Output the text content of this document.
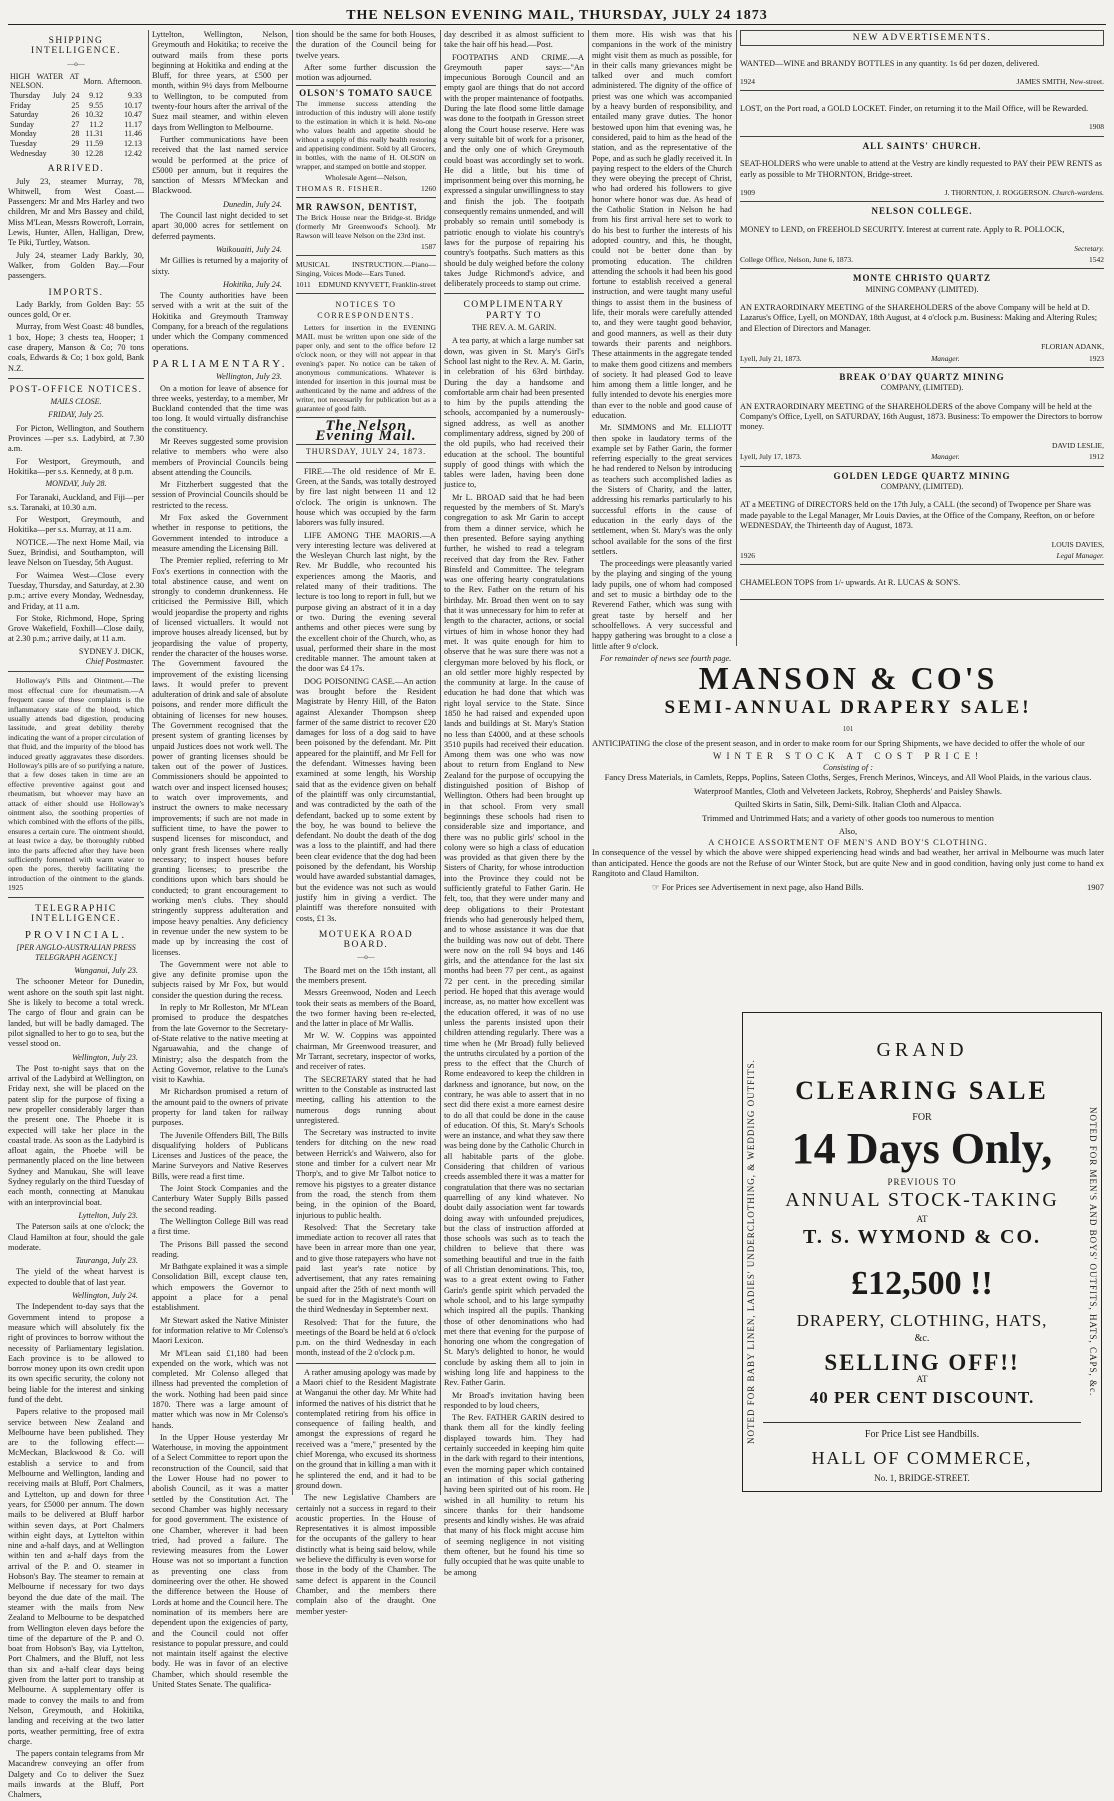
THE NELSON EVENING MAIL, THURSDAY, JULY 24 1873
SHIPPING INTELLIGENCE.
—o—
HIGH WATER AT NELSON.			Morn.	Afternoon.
Thursday	July	24	9.12	9.33
Friday		25	9.55	10.17
Saturday		26	10.32	10.47
Sunday		27	11.2	11.17
Monday		28	11.31	11.46
Tuesday		29	11.59	12.13
Wednesday		30	12.28	12.42
ARRIVED.

July 23, steamer Murray, 78, Whitwell, from West Coast.—Passengers: Mr and Mrs Harley and two children, Mr and Mrs Bassey and child, Miss M'Lean, Messrs Rowcroft, Lorrain, Lewis, Hunter, Allen, Halligan, Drew, Te Piki, Turtley, Watson.

July 24, steamer Lady Barkly, 30, Walker, from Golden Bay.—Four passengers.

IMPORTS.

Lady Barkly, from Golden Bay: 55 ounces gold, Or er.

Murray, from West Coast: 48 bundles, 1 box, Hope; 3 chests tea, Hooper; 1 case drapery, Manson & Co; 70 tons coals, Edwards & Co; 1 box gold, Bank N.Z.

POST-OFFICE NOTICES.
MAILS CLOSE.
FRIDAY, July 25.

For Picton, Wellington, and Southern Provinces —per s.s. Ladybird, at 7.30 a.m.

For Westport, Greymouth, and Hokitika—per s.s. Kennedy, at 8 p.m.

MONDAY, July 28.

For Taranaki, Auckland, and Fiji—per s.s. Taranaki, at 10.30 a.m.

For Westport, Greymouth, and Hokitika—per s.s. Murray, at 11 a.m.

NOTICE.—The next Home Mail, via Suez, Brindisi, and Southampton, will leave Nelson on Tuesday, 5th August.

For Waimea West—Close every Tuesday, Thursday, and Saturday, at 2.30 p.m.; arrive every Monday, Wednesday, and Friday, at 11 a.m.

For Stoke, Richmond, Hope, Spring Grove Wakefield, Foxhill—Close daily, at 2.30 p.m.; arrive daily, at 11 a.m.

SYDNEY J. DICK,
Chief Postmaster.

Holloway's Pills and Ointment.—The most effectual cure for rheumatism.—A frequent cause of these complaints is the inflammatory state of the blood, which usually attends bad digestion, producing lassitude, and great debility thereby indicating the want of a proper circulation of that fluid, and the impurity of the blood has induced greatly aggravates these disorders. Holloway's pills are of so purifying a nature, that a few doses taken in time are an effective preventive against gout and rheumatism, but whoever may have an attack of either should use Holloway's ointment also, the soothing properties of which combined with the efforts of the pills, ensures a certain cure. The ointment should, at least twice a day, be thoroughly rubbed into the parts affected after they have been sufficiently fomented with warm water to open the pores, thereby facilitating the introduction of the ointment to the glands. 1925

TELEGRAPHIC INTELLIGENCE.
PROVINCIAL.
[PER ANGLO-AUSTRALIAN PRESS TELEGRAPH AGENCY.]
Wanganui, July 23.

The schooner Meteor for Dunedin, went ashore on the south spit last night. She is likely to become a total wreck. The cargo of flour and grain can be landed, but will be badly damaged. The pilot signalled to her to go to sea, but the vessel stood on.

Wellington, July 23.

The Post to-night says that on the arrival of the Ladybird at Wellington, on Friday next, she will be placed on the patent slip for the purpose of fixing a new propeller considerably larger than the present one. The Phoebe it is expected will take her place in the coastal trade. As soon as the Ladybird is afloat again, the Phoebe will be permanently placed on the line between Sydney and Manukau, She will leave Sydney regularly on the third Tuesday of each month, connecting at Manukau with an interprovincial boat.

Lyttelton, July 23.

The Paterson sails at one o'clock; the Claud Hamilton at four, should the gale moderate.

Tauranga, July 23.

The yield of the wheat harvest is expected to double that of last year.

Wellington, July 24.

The Independent to-day says that the Government intend to propose a measure which will absolutely fix the right of provinces to borrow without the necessity of Parliamentary legislation. Each province is to be allowed to borrow money upon its own credit upon its own specific security, the colony not being liable for the interest and sinking fund of the debt.

Papers relative to the proposed mail service between New Zealand and Melbourne have been published. They are to the following effect:—McMeckan, Blackwood & Co. will establish a service to and from Melbourne and Wellington, landing and receiving mails at Bluff, Port Chalmers, and Lyttelton, up and down for three years, for £5000 per annum. The down mails to be delivered at Bluff harbor within seven days, at Port Chalmers within eight days, at Lyttelton within nine and a-half days, and at Wellington within ten and a-half days from the arrival of the P. and O. steamer in Hobson's Bay. The steamer to remain at Melbourne if necessary for two days beyond the due date of the mail. The steamer with the mails from New Zealand to Melbourne to be despatched from Wellington eleven days before the time of the departure of the P. and O. boat from Hobson's Bay, via Lyttelton, Port Chalmers, and the Bluff, not less than six and a-half clear days being given from the latter port to tranship at Melbourne. A supplementary offer is made to convey the mails to and from Nelson, Greymouth, and Hokitika, landing and receiving at the two latter ports, weather permitting, free of extra charge.

The papers contain telegrams from Mr Macandrew conveying an offer from Dalgety and Co to deliver the Suez mails inwards at the Bluff, Port Chalmers,

Lyttelton, Wellington, Nelson, Greymouth and Hokitika; to receive the outward mails from these ports beginning at Hokitika and ending at the Bluff, for three years, at £500 per month, within 9½ days from Melbourne to Wellington, to be computed from twenty-four hours after the arrival of the Suez mail steamer, and within eleven days from Wellington to Melbourne.

Further communications have been received that the last named service would be performed at the price of £5000 per annum, but it requires the sanction of Messrs M'Meckan and Blackwood.

Dunedin, July 24.

The Council last night decided to set apart 30,000 acres for settlement on deferred payments.

Waikouaiti, July 24.

Mr Gillies is returned by a majority of sixty.

Hokitika, July 24.

The County authorities have been served with a writ at the suit of the Hokitika and Greymouth Tramway Company, for a breach of the regulations under which the Company commenced operations.

PARLIAMENTARY.
Wellington, July 23.

On a motion for leave of absence for three weeks, yesterday, to a member, Mr Buckland contended that the time was too long. It would virtually disfranchise the constituency.

Mr Reeves suggested some provision relative to members who were also members of Provincial Councils being absent attending the Councils.

Mr Fitzherbert suggested that the session of Provincial Councils should be restricted to the recess.

Mr Fox asked the Government whether in response to petitions, the Government intended to introduce a measure amending the Licensing Bill.

The Premier replied, referring to Mr Fox's exertions in connection with the total abstinence cause, and went on strongly to condemn drunkenness. He criticised the Permissive Bill, which would jeopardise the property and rights of licensed victuallers. It would not improve houses already licensed, but by jeopardising the value of property, render the character of the houses worse. The Government favoured the improvement of the existing licensing laws. It would prefer to prevent adulteration of drink and sale of absolute poisons, and render more difficult the obtaining of licenses for new houses. The Government recognised that the present system of granting licenses by unpaid Justices does not work well. The power of granting licenses should be taken out of the power of Justices. Commissioners should be appointed to watch over and inspect licensed houses; to watch over improvements, and instruct the owners to make necessary improvements; if such are not made in sufficient time, to have the power to suspend licenses for misconduct, and only grant fresh licenses where really necessary; to inspect houses before granting licenses; to prescribe the conditions upon which bars should be conducted; to grant encouragement to working men's clubs. They should stringently suppress adulteration and impose heavy penalties. Any deficiency in revenue under the new system to be made up by increasing the cost of licenses.

The Government were not able to give any definite promise upon the subjects raised by Mr Fox, but would consider the question during the recess.

In reply to Mr Rolleston, Mr M'Lean promised to produce the despatches from the late Governor to the Secretary-of-State relative to the native meeting at Ngaruawahia, and the change of Ministry; also the despatch from the Acting Governor, relative to the Luna's visit to Kawhia.

Mr Richardson promised a return of the amount paid to the owners of private property for land taken for railway purposes.

The Juvenile Offenders Bill, The Bills disqualifying holders of Publicans Licenses and Justices of the peace, the Marine Surveyors and Native Reserves Bills, were read a first time.

The Joint Stock Companies and the Canterbury Water Supply Bills passed the second reading.

The Wellington College Bill was read a first time.

The Prisons Bill passed the second reading.

Mr Bathgate explained it was a simple Consolidation Bill, except clause ten, which empowers the Governor to appoint a place for a penal establishment.

Mr Stewart asked the Native Minister for information relative to Mr Colenso's Maori Lexicon.

Mr M'Lean said £1,180 had been expended on the work, which was not completed. Mr Colenso alleged that illness had prevented the completion of the work. Nothing had been paid since 1870. There was a large amount of matter which was now in Mr Colenso's hands.

In the Upper House yesterday Mr Waterhouse, in moving the appointment of a Select Committee to report upon the reconstruction of the Council, said that the Lower House had no power to abolish Council, as it was a matter settled by the Constitution Act. The second Chamber was highly necessary for good government. The existence of one Chamber, wherever it had been tried, had proved a failure. The reviewing measures from the Lower House was not so important a function as preventing one class from domineering over the other. He showed the difference between the House of Lords at home and the Council here. The nomination of its members here are dependent upon the exigencies of party, and the Council could not offer resistance to popular pressure, and could not maintain itself against the elective body. He was in favor of an elective Chamber, which should resemble the United States Senate. The qualifica-

tion should be the same for both Houses, the duration of the Council being for twelve years.

After some further discussion the motion was adjourned.

OLSON'S TOMATO SAUCE

The immense success attending the introduction of this industry will alone testify to the estimation in which it is held. No-one who values health and appetite should be without a supply of this really health restoring and appetising condiment. Sold by all Grocers, in bottles, with the name of H. OLSON on wrapper, and stamped on bottle and stopper.

Wholesale Agent—Nelson,
THOMAS R. FISHER.	1260
MR RAWSON, DENTIST,

The Brick House near the Bridge-st. Bridge (formerly Mr Greenwood's School). Mr Rawson will leave Nelson on the 23rd inst.

1587

MUSICAL INSTRUCTION.—Piano—Singing, Voices Mode—Ears Tuned.

1011 EDMUND KNYVETT, Franklin-street
NOTICES TO CORRESPONDENTS.

Letters for insertion in the EVENING MAIL must be written upon one side of the paper only, and sent to the office before 12 o'clock noon, or they will not appear in that evening's paper. No notice can be taken of anonymous communications. Whatever is intended for insertion in this journal must be authenticated by the name and address of the writer, not necessarily for publication but as a guarantee of good faith.

The Nelson Evening Mail.
THURSDAY, JULY 24, 1873.

FIRE.—The old residence of Mr E. Green, at the Sands, was totally destroyed by fire last night between 11 and 12 o'clock. The origin is unknown. The house which was occupied by the farm laborers was fully insured.

LIFE AMONG THE MAORIS.—A very interesting lecture was delivered at the Wesleyan Church last night, by the Rev. Mr Buddle, who recounted his experiences among the Maoris, and related many of their traditions. The lecture is too long to report in full, but we purpose giving an abstract of it in a day or two. During the evening several anthems and other pieces were sung by the excellent choir of the Church, who, as usual, performed their share in the most creditable manner. The amount taken at the door was £4 17s.

DOG POISONING CASE.—An action was brought before the Resident Magistrate by Henry Hill, of the Baton against Alexander Thompson sheep farmer of the same district to recover £20 damages for loss of a dog said to have been poisoned by the defendant. Mr. Pitt appeared for the plaintiff, and Mr Fell for the defendant. Witnesses having been examined at some length, his Worship said that as the evidence given on behalf of the plaintiff was only circumstantial, and was contradicted by the oath of the defendant, backed up to some extent by the boy, he was bound to believe the defendant. No doubt the death of the dog was a loss to the plaintiff, and had there been clear evidence that the dog had been poisoned by the defendant, his Worship would have awarded substantial damages, but the evidence was not such as would justify him in giving a verdict. The plaintiff was therefore nonsuited with costs, £1 3s.

MOTUEKA ROAD BOARD.
—o—

The Board met on the 15th instant, all the members present.

Messrs Greenwood, Noden and Leech took their seats as members of the Board, the two former having been re-elected, and the latter in place of Mr Wallis.

Mr W. W. Coppins was appointed chairman, Mr Greenwood treasurer, and Mr Tarrant, secretary, inspector of works, and receiver of rates.

The SECRETARY stated that he had written to the Constable as instructed last meeting, calling his attention to the numerous dogs running about unregistered.

The Secretary was instructed to invite tenders for ditching on the new road between Herrick's and Waiwero, also for stone and timber for a culvert near Mr Thorp's, and to give Mr Talbot notice to remove his pigstyes to a greater distance from the road, the stench from them being, in the opinion of the Board, injurious to public health.

Resolved: That the Secretary take immediate action to recover all rates that have been in arrear more than one year, and to give those ratepayers who have not paid last year's rate notice by advertisement, that any rates remaining unpaid after the 25th of next month will be sued for in the Magistrate's Court on the third Wednesday in September next.

Resolved: That for the future, the meetings of the Board be held at 6 o'clock p.m. on the third Wednesday in each month, instead of the 2 o'clock p.m.

A rather amusing apology was made by a Maori chief to the Resident Magistrate at Wanganui the other day. Mr White had informed the natives of his district that he contemplated retiring from his office in consequence of failing health, and amongst the expressions of regard he received was a "mere," presented by the chief Morenga, who excused its shortness on the ground that in killing a man with it he splintered the end, and it had to be ground down.

The new Legislative Chambers are certainly not a success in regard to their acoustic properties. In the House of Representatives it is almost impossible for the occupants of the gallery to hear distinctly what is being said below, while we believe the difficulty is even worse for those in the body of the Chamber. The same defect is apparent in the Council Chamber, and the members there complain also of the draught. One member yester-

day described it as almost sufficient to take the hair off his head.—Post.

FOOTPATHS AND CRIME.—A Greymouth paper says:—"An impecunious Borough Council and an empty gaol are things that do not accord with the proper maintenance of footpaths. During the late flood some little damage was done to the footpath in Gresson street along the Court house reserve. Here was a very suitable bit of work for a prisoner, and the only one of which Greymouth could boast was accordingly set to work. He did a little, but his time of imprisonment being over this morning, he expressed a singular unwillingness to stay and finish the job. The footpath consequently remains unmended, and will probably so remain until somebody is patriotic enough to violate his country's laws for the purpose of repairing his country's footpaths. Such matters as this should be duly weighed before the colony takes Judge Richmond's advice, and deliberately proceeds to stamp out crime.

COMPLIMENTARY PARTY TO
THE REV. A. M. GARIN.

A tea party, at which a large number sat down, was given in St. Mary's Girl's School last night to the Rev. A. M. Garin, in celebration of his 63rd birthday. During the day a handsome and comfortable arm chair had been presented to him by the pupils attending the schools, accompanied by a numerously-signed address, as well as another complimentary address, signed by 200 of the old pupils, who had received their education at the school. The bountiful supply of good things with which the tables were laden, having been done justice to,

Mr L. BROAD said that he had been requested by the members of St. Mary's congregation to ask Mr Garin to accept from them a dinner service, which he then presented. Before saying anything further, he wished to read a telegram received that day from the Rev. Father Binsfeld and Committee. The telegram was one offering hearty congratulations to the Rev. Father on the return of his birthday. Mr. Broad then went on to say that it was unnecessary for him to refer at length to the character, actions, or social virtues of him in whose honor they had met. It was quite enough for him to observe that he was sure there was not a clergyman more beloved by his flock, or an old settler more highly respected by the community at large. In the cause of education he had done that which was right loyal service to the State. Since 1850 he had raised and expended upon lands and buildings at St. Mary's Station no less than £4000, and at these schools 3510 pupils had received their education. Among them was one who was now about to return from England to New Zealand for the purpose of occupying the distinguished position of Bishop of Wellington. Others had been brought up in that school. From very small beginnings these schools had risen to considerable size and importance, and there was no public girls' school in the colony were so high a class of education was provided as that given there by the Sisters of Charity, for whose introduction into the Province they could not be sufficiently grateful to Father Garin. He felt, too, that they were under many and deep obligations to their Protestant friends who had generously helped them, and to whose assistance it was due that the building was now out of debt. There were now on the roll 94 boys and 146 girls, and the attendance for the last six months had been 77 per cent., as against 72 per cent. in the preceding similar period. He hoped that this average would increase, as, no matter how excellent was the education offered, it was of no use unless the parents insisted upon their children attending regularly. There was a time when he (Mr Broad) fully believed the untruths circulated by a portion of the press to the effect that the Church of Rome endeavored to keep the children in darkness and ignorance, but now, on the contrary, he was able to assert that in no sect did there exist a more earnest desire to do all that could be done in the cause of education. Of this, St. Mary's Schools were an instance, and what they saw there was being done by the Catholic Church in all habitable parts of the globe. Considering that children of various creeds assembled there it was a matter for congratulation that there was no sectarian quarrelling of any kind whatever. No doubt daily association went far towards doing away with unfounded prejudices, but the class of instruction afforded at those schools was such as to teach the children to believe that there was something beautiful and true in the faith of all Christian denominations. This, too, was to a great extent owing to Father Garin's gentle spirit which pervaded the whole school, and to his large sympathy which inspired all the pupils. Thanking those of other denominations who had met there that evening for the purpose of honoring one whom the congregation of St. Mary's delighted to honor, he would conclude by asking them all to join in wishing long life and happiness to the Rev. Father Garin.

Mr Broad's invitation having been responded to by loud cheers,

The Rev. FATHER GARIN desired to thank them all for the kindly feeling displayed towards him. They had certainly succeeded in keeping him quite in the dark with regard to their intentions, even the morning paper which contained an intimation of this social gathering having been spirited out of his room. He wished in all humility to return his sincere thanks for their handsome presents and kindly wishes. He was afraid that many of his flock might accuse him of seeming negligence in not visiting them oftener, but he found his time so fully occupied that he was quite unable to be among

them more. His wish was that his companions in the work of the ministry might visit them as much as possible, for in their calls many grievances might be talked over and much comfort administered. The dignity of the office of priest was one which was accompanied by a heavy burden of responsibility, and entailed many grave duties. The honor bestowed upon him that evening was, he considered, paid to him as the head of the station, and as the representative of the Pope, and as such he gladly received it. In paying respect to the elders of the Church they were obeying the precept of Christ, who had ordered his followers to give honor where honor was due. As head of the Catholic Station in Nelson he had from his first arrival here set to work to do his best to further the interests of his adopted country, and this, he thought, could not be better done than by promoting education. The children attending the schools it had been his good fortune to establish received a general instruction, and were taught many useful things to assist them in the business of life, their morals were carefully attended to, and they were taught good behavior, and good manners, as well as their duty towards their parents and neighbors. These attainments in the aggregate tended to make them good citizens and members of society. It had pleased God to leave him among them a little longer, and he fully intended to devote his energies more than ever to the noble and good cause of education.

Mr. SIMMONS and Mr. ELLIOTT then spoke in laudatory terms of the example set by Father Garin, the former referring especially to the great services he had rendered to Nelson by introducing as teachers such accomplished ladies as the Sisters of Charity, and the latter, addressing his remarks particularly to his successful efforts in the cause of education in the early days of the settlement, when St. Mary's was the only school available for the sons of the first settlers.

The proceedings were pleasantly varied by the playing and singing of the young lady pupils, one of whom had composed and set to music a birthday ode to the Reverend Father, which was sung with great taste by herself and her schoolfellows. A very successful and happy gathering was brought to a close a little after 9 o'clock.

For remainder of news see fourth page.

NEW ADVERTISEMENTS.

WANTED—WINE and BRANDY BOTTLES in any quantity. 1s 6d per dozen, delivered.

1924	JAMES SMITH, New-street.

LOST, on the Port road, a GOLD LOCKET. Finder, on returning it to the Mail Office, will be Rewarded.

1908
ALL SAINTS' CHURCH.

SEAT-HOLDERS who were unable to attend at the Vestry are kindly requested to PAY their PEW RENTS as early as possible to Mr THORNTON, Bridge-street.

1909	J. THORNTON, J. ROGGERSON. Church-wardens.
NELSON COLLEGE.

MONEY to LEND, on FREEHOLD SECURITY. Interest at current rate. Apply to R. POLLOCK,

Secretary.
College Office, Nelson, June 6, 1873.	1542
MONTE CHRISTO QUARTZ
MINING COMPANY (LIMITED).

AN EXTRAORDINARY MEETING of the SHAREHOLDERS of the above Company will be held at D. Lazarus's Office, Lyell, on MONDAY, 18th August, at 4 o'clock p.m. Business: Making and Altering Rules; and Election of Directors and Manager.

FLORIAN ADANK,
Lyell, July 21, 1873.	Manager.	1923
BREAK O'DAY QUARTZ MINING
COMPANY, (LIMITED).

AN EXTRAORDINARY MEETING of the SHAREHOLDERS of the above Company will be held at the Company's Office, Lyell, on SATURDAY, 16th August, 1873. Business: To empower the Directors to borrow money.

DAVID LESLIE,
Lyell, July 17, 1873.	Manager.	1912
GOLDEN LEDGE QUARTZ MINING
COMPANY, (LIMITED).

AT a MEETING of DIRECTORS held on the 17th July, a CALL (the second) of Twopence per Share was made payable to the Legal Manager, Mr Louis Davies, at the Office of the Company, Reefton, on or before WEDNESDAY, the Thirteenth day of August, 1873.

LOUIS DAVIES,
1926	Legal Manager.

CHAMELEON TOPS from 1/- upwards. At R. LUCAS & SON'S.

MANSON & CO'S
SEMI-ANNUAL DRAPERY SALE!
101

ANTICIPATING the close of the present season, and in order to make room for our Spring Shipments, we have decided to offer the whole of our

WINTER STOCK AT COST PRICE!
Consisting of :

Fancy Dress Materials, in Camlets, Repps, Poplins, Sateen Cloths, Serges, French Merinos, Winceys, and All Wool Plaids, in the various claus.

Waterproof Mantles, Cloth and Velveteen Jackets, Robroy, Shepherds' and Paisley Shawls.

Quilted Skirts in Satin, Silk, Demi-Silk. Italian Cloth and Alpacca.

Trimmed and Untrimmed Hats; and a variety of other goods too numerous to mention

Also,
A CHOICE ASSORTMENT OF MEN'S AND BOY'S CLOTHING.

In consequence of the vessel by which the above were shipped experiencing head winds and bad weather, her arrival in Melbourne was much later than anticipated. Hence the goods are not the Refuse of our Winter Stock, but are quite New and in good condition, having only just come to hand ex Rangitoto and Claud Hamilton.

☞ For Prices see Advertisement in next page, also Hand Bills.	1907
NOTED FOR BABY LINEN, LADIES' UNDERCLOTHING, & WEDDING OUTFITS.	NOTED FOR MEN'S AND BOYS' OUTFITS, HATS, CAPS, &c.
GRAND
CLEARING SALE
FOR
14 Days Only,
PREVIOUS TO
ANNUAL STOCK-TAKING
AT
T. S. WYMOND & CO.
£12,500 !!
DRAPERY, CLOTHING, HATS,
&c.
SELLING OFF!!
AT
40 PER CENT DISCOUNT.
For Price List see Handbills.
HALL OF COMMERCE,
No. 1, BRIDGE-STREET.
